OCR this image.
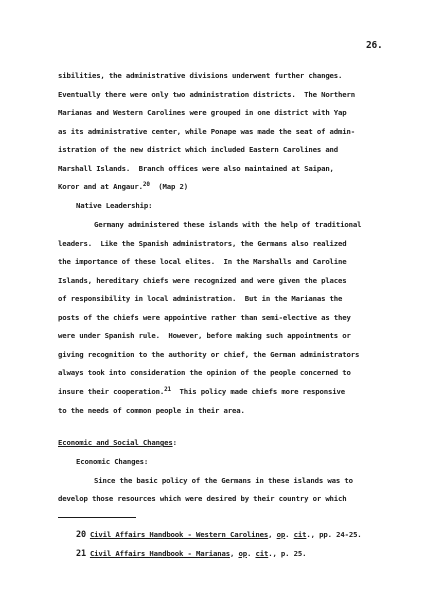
26.
sibilities, the administrative divisions underwent further changes.
Eventually there were only two administration districts.  The Northern
Marianas and Western Carolines were grouped in one district with Yap
as its administrative center, while Ponape was made the seat of admin-
istration of the new district which included Eastern Carolines and
Marshall Islands.  Branch offices were also maintained at Saipan,
Koror and at Angaur.$^{20}$  (Map 2)
Native Leadership:
Germany administered these islands with the help of traditional
leaders.  Like the Spanish administrators, the Germans also realized
the importance of these local elites.  In the Marshalls and Caroline
Islands, hereditary chiefs were recognized and were given the places
of responsibility in local administration.  But in the Marianas the
posts of the chiefs were appointive rather than semi-elective as they
were under Spanish rule.  However, before making such appointments or
giving recognition to the authority or chief, the German administrators
always took into consideration the opinion of the people concerned to
insure their cooperation.$^{21}$  This policy made chiefs more responsive
to the needs of common people in their area.
Economic and Social Changes:
Economic Changes:
Since the basic policy of the Germans in these islands was to
develop those resources which were desired by their country or which
20 Civil Affairs Handbook - Western Carolines, op. cit., pp. 24-25.
21 Civil Affairs Handbook - Marianas, op. cit., p. 25.
